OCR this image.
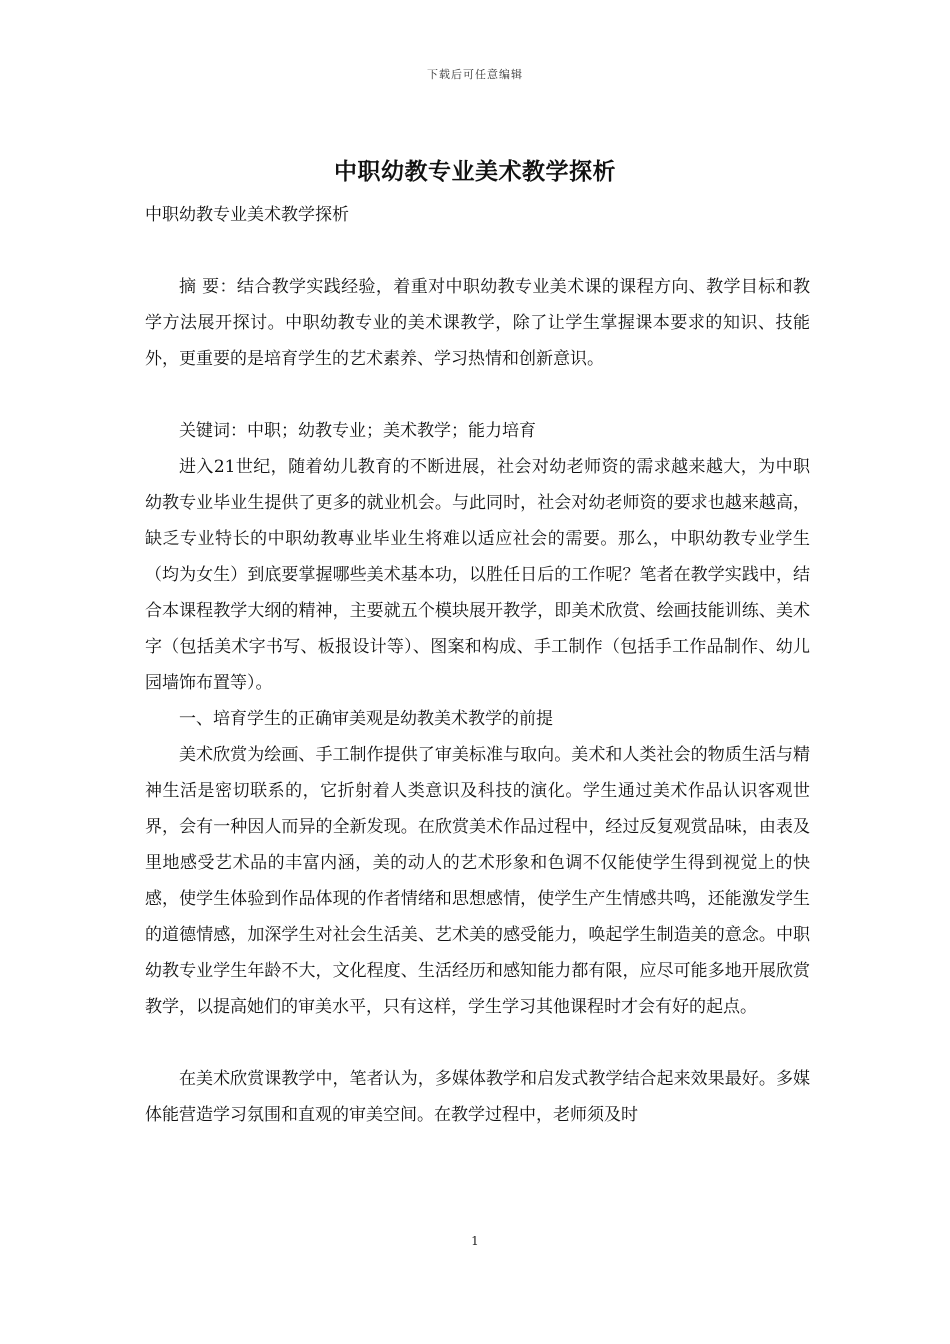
下载后可任意编辑
中职幼教专业美术教学探析

中职幼教专业美术教学探析

摘 要：结合教学实践经验，着重对中职幼教专业美术课的课程方向、教学目标和教学方法展开探讨。中职幼教专业的美术课教学，除了让学生掌握课本要求的知识、技能外，更重要的是培育学生的艺术素养、学习热情和创新意识。

关键词：中职；幼教专业；美术教学；能力培育

进入21世纪，随着幼儿教育的不断进展，社会对幼老师资的需求越来越大，为中职幼教专业毕业生提供了更多的就业机会。与此同时，社会对幼老师资的要求也越来越高，缺乏专业特长的中职幼教專业毕业生将难以适应社会的需要。那么，中职幼教专业学生（均为女生）到底要掌握哪些美术基本功，以胜任日后的工作呢？笔者在教学实践中，结合本课程教学大纲的精神，主要就五个模块展开教学，即美术欣赏、绘画技能训练、美术字（包括美术字书写、板报设计等）、图案和构成、手工制作（包括手工作品制作、幼儿园墙饰布置等）。

一、培育学生的正确审美观是幼教美术教学的前提

美术欣赏为绘画、手工制作提供了审美标准与取向。美术和人类社会的物质生活与精神生活是密切联系的，它折射着人类意识及科技的演化。学生通过美术作品认识客观世界，会有一种因人而异的全新发现。在欣赏美术作品过程中，经过反复观赏品味，由表及里地感受艺术品的丰富内涵，美的动人的艺术形象和色调不仅能使学生得到视觉上的快感，使学生体验到作品体现的作者情绪和思想感情，使学生产生情感共鸣，还能激发学生的道德情感，加深学生对社会生活美、艺术美的感受能力，唤起学生制造美的意念。中职幼教专业学生年龄不大，文化程度、生活经历和感知能力都有限，应尽可能多地开展欣赏教学，以提高她们的审美水平，只有这样，学生学习其他课程时才会有好的起点。

在美术欣赏课教学中，笔者认为，多媒体教学和启发式教学结合起来效果最好。多媒体能营造学习氛围和直观的审美空间。在教学过程中，老师须及时

1
